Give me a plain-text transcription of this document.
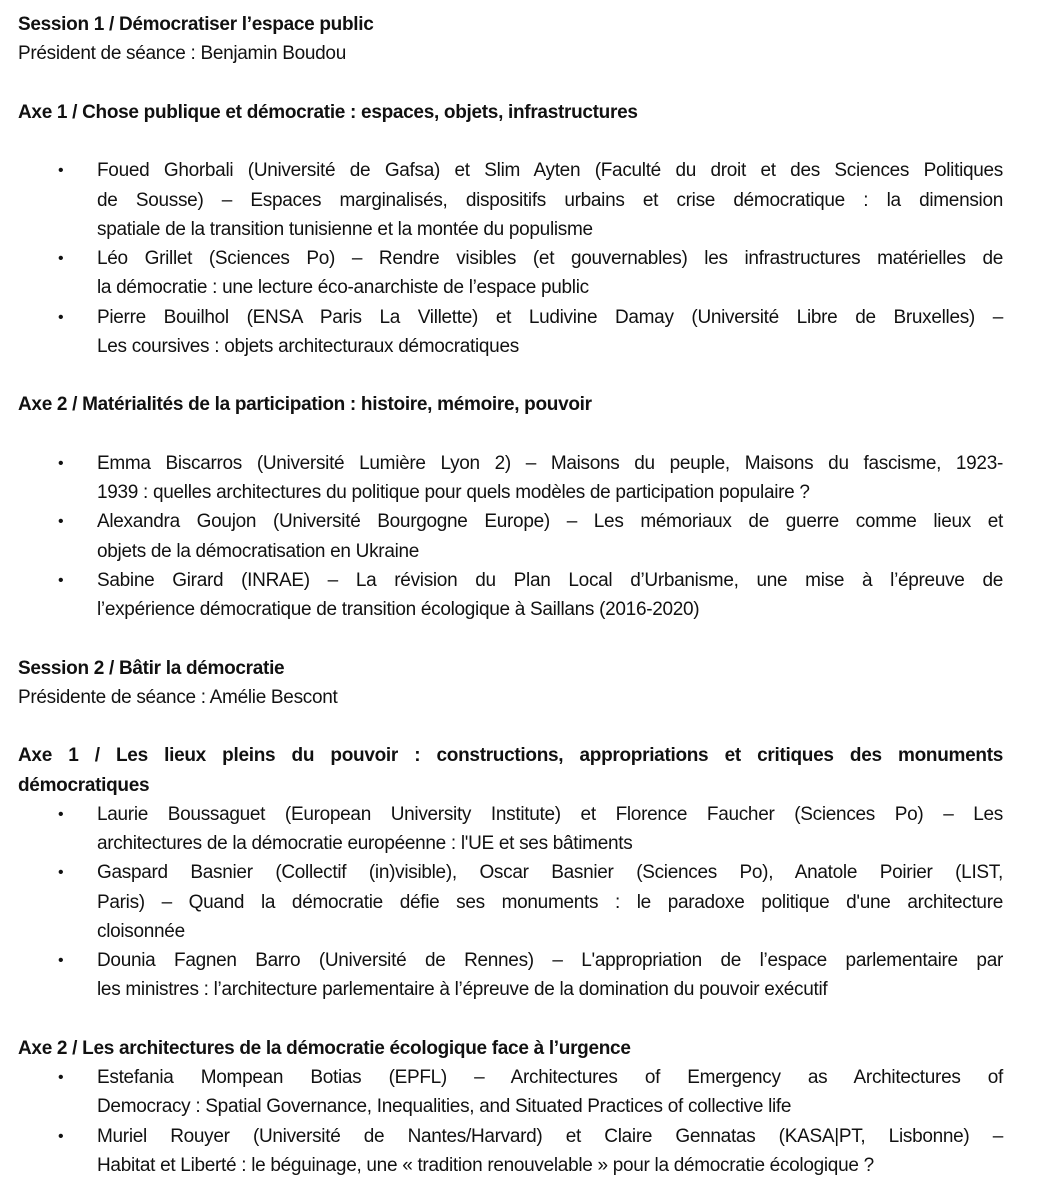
Session 1 / Démocratiser l’espace public
Président de séance : Benjamin Boudou
Axe 1 / Chose publique et démocratie : espaces, objets, infrastructures
• Foued Ghorbali (Université de Gafsa) et Slim Ayten (Faculté du droit et des Sciences Politiques
de Sousse) – Espaces marginalisés, dispositifs urbains et crise démocratique : la dimension
spatiale de la transition tunisienne et la montée du populisme
• Léo Grillet (Sciences Po) – Rendre visibles (et gouvernables) les infrastructures matérielles de
la démocratie : une lecture éco-anarchiste de l’espace public
• Pierre Bouilhol (ENSA Paris La Villette) et Ludivine Damay (Université Libre de Bruxelles) –
Les coursives : objets architecturaux démocratiques
Axe 2 / Matérialités de la participation : histoire, mémoire, pouvoir
• Emma Biscarros (Université Lumière Lyon 2) – Maisons du peuple, Maisons du fascisme, 1923-
1939 : quelles architectures du politique pour quels modèles de participation populaire ?
• Alexandra Goujon (Université Bourgogne Europe) – Les mémoriaux de guerre comme lieux et
objets de la démocratisation en Ukraine
• Sabine Girard (INRAE) – La révision du Plan Local d’Urbanisme, une mise à l’épreuve de
l’expérience démocratique de transition écologique à Saillans (2016-2020)
Session 2 / Bâtir la démocratie
Présidente de séance : Amélie Bescont
Axe 1 / Les lieux pleins du pouvoir : constructions, appropriations et critiques des monuments
démocratiques
• Laurie Boussaguet (European University Institute) et Florence Faucher (Sciences Po) – Les
architectures de la démocratie européenne : l'UE et ses bâtiments
• Gaspard Basnier (Collectif (in)visible), Oscar Basnier (Sciences Po), Anatole Poirier (LIST,
Paris) – Quand la démocratie défie ses monuments : le paradoxe politique d'une architecture
cloisonnée
• Dounia Fagnen Barro (Université de Rennes) – L'appropriation de l’espace parlementaire par
les ministres : l’architecture parlementaire à l’épreuve de la domination du pouvoir exécutif
Axe 2 / Les architectures de la démocratie écologique face à l’urgence
• Estefania Mompean Botias (EPFL) – Architectures of Emergency as Architectures of
Democracy : Spatial Governance, Inequalities, and Situated Practices of collective life
• Muriel Rouyer (Université de Nantes/Harvard) et Claire Gennatas (KASA|PT, Lisbonne) –
Habitat et Liberté : le béguinage, une « tradition renouvelable » pour la démocratie écologique ?
